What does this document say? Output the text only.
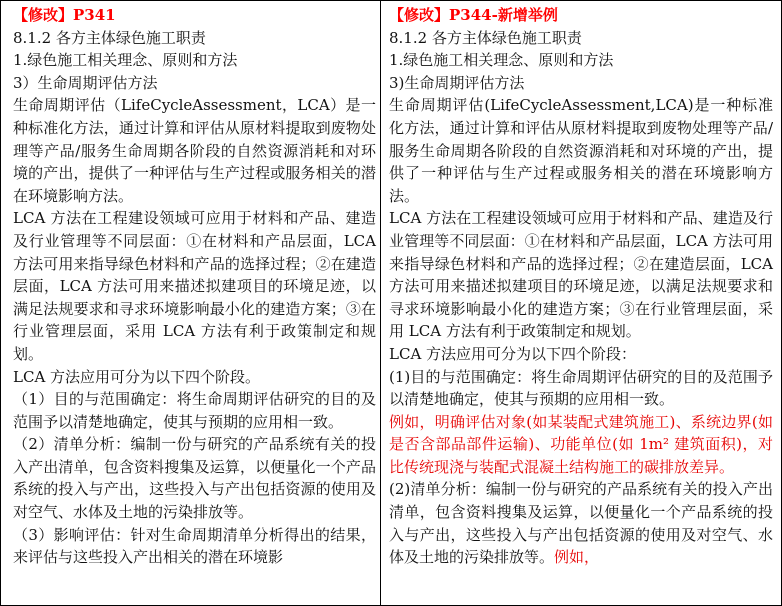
【修改】P341

8.1.2 各方主体绿色施工职责

1.绿色施工相关理念、原则和方法

3）生命周期评估方法

生命周期评估（LifeCycleAssessment，LCA）是一种标准化方法，通过计算和评估从原材料提取到废物处理等产品/服务生命周期各阶段的自然资源消耗和对环境的产出，提供了一种评估与生产过程或服务相关的潜在环境影响方法。

LCA 方法在工程建设领域可应用于材料和产品、建造及行业管理等不同层面：①在材料和产品层面，LCA 方法可用来指导绿色材料和产品的选择过程；②在建造层面，LCA 方法可用来描述拟建项目的环境足迹，以满足法规要求和寻求环境影响最小化的建造方案；③在行业管理层面，采用 LCA 方法有利于政策制定和规划。

LCA 方法应用可分为以下四个阶段。

（1）目的与范围确定：将生命周期评估研究的目的及范围予以清楚地确定，使其与预期的应用相一致。

（2）清单分析：编制一份与研究的产品系统有关的投入产出清单，包含资料搜集及运算，以便量化一个产品系统的投入与产出，这些投入与产出包括资源的使用及对空气、水体及土地的污染排放等。

（3）影响评估：针对生命周期清单分析得出的结果，来评估与这些投入产出相关的潜在环境影

【修改】P344-新增举例

8.1.2 各方主体绿色施工职责

1.绿色施工相关理念、原则和方法

3)生命周期评估方法

生命周期评估(LifeCycleAssessment,LCA)是一种标准化方法，通过计算和评估从原材料提取到废物处理等产品/服务生命周期各阶段的自然资源消耗和对环境的产出，提供了一种评估与生产过程或服务相关的潜在环境影响方法。

LCA 方法在工程建设领域可应用于材料和产品、建造及行业管理等不同层面：①在材料和产品层面，LCA 方法可用来指导绿色材料和产品的选择过程；②在建造层面，LCA 方法可用来描述拟建项目的环境足迹，以满足法规要求和寻求环境影响最小化的建造方案；③在行业管理层面，采用 LCA 方法有利于政策制定和规划。

LCA 方法应用可分为以下四个阶段：

(1)目的与范围确定：将生命周期评估研究的目的及范围予以清楚地确定，使其与预期的应用相一致。

例如，明确评估对象(如某装配式建筑施工)、系统边界(如是否含部品部件运输)、功能单位(如 1m² 建筑面积)，对比传统现浇与装配式混凝土结构施工的碳排放差异。

(2)清单分析：编制一份与研究的产品系统有关的投入产出清单，包含资料搜集及运算，以便量化一个产品系统的投入与产出，这些投入与产出包括资源的使用及对空气、水体及土地的污染排放等。例如，
